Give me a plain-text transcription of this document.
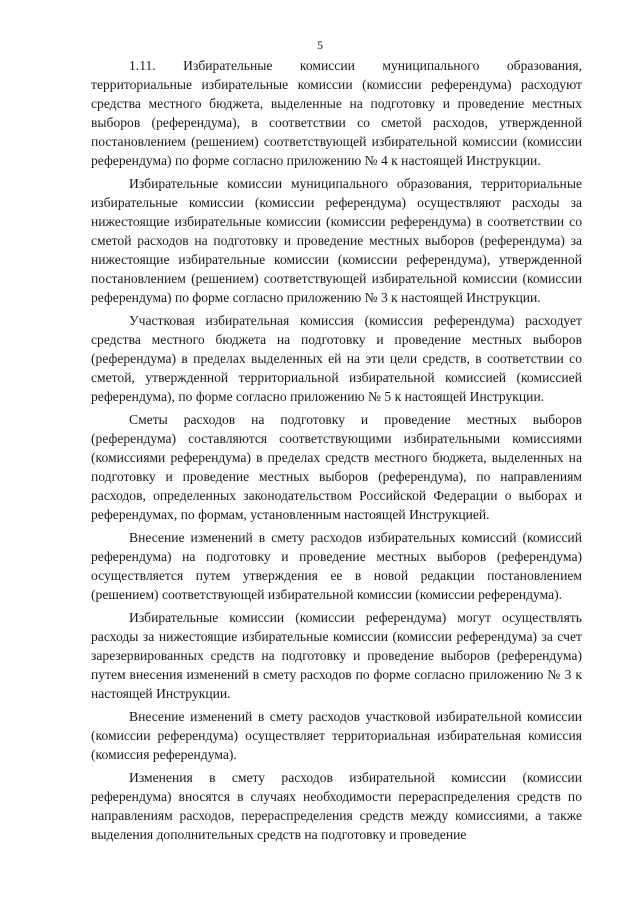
5

1.11. Избирательные комиссии муниципального образования, территориальные избирательные комиссии (комиссии референдума) расходуют средства местного бюджета, выделенные на подготовку и проведение местных выборов (референдума), в соответствии со сметой расходов, утвержденной постановлением (решением) соответствующей избирательной комиссии (комиссии референдума) по форме согласно приложению № 4 к настоящей Инструкции.

Избирательные комиссии муниципального образования, территориальные избирательные комиссии (комиссии референдума) осуществляют расходы за нижестоящие избирательные комиссии (комиссии референдума) в соответствии со сметой расходов на подготовку и проведение местных выборов (референдума) за нижестоящие избирательные комиссии (комиссии референдума), утвержденной постановлением (решением) соответствующей избирательной комиссии (комиссии референдума) по форме согласно приложению № 3 к настоящей Инструкции.

Участковая избирательная комиссия (комиссия референдума) расходует средства местного бюджета на подготовку и проведение местных выборов (референдума) в пределах выделенных ей на эти цели средств, в соответствии со сметой, утвержденной территориальной избирательной комиссией (комиссией референдума), по форме согласно приложению № 5 к настоящей Инструкции.

Сметы расходов на подготовку и проведение местных выборов (референдума) составляются соответствующими избирательными комиссиями (комиссиями референдума) в пределах средств местного бюджета, выделенных на подготовку и проведение местных выборов (референдума), по направлениям расходов, определенных законодательством Российской Федерации о выборах и референдумах, по формам, установленным настоящей Инструкцией.

Внесение изменений в смету расходов избирательных комиссий (комиссий референдума) на подготовку и проведение местных выборов (референдума) осуществляется путем утверждения ее в новой редакции постановлением (решением) соответствующей избирательной комиссии (комиссии референдума).

Избирательные комиссии (комиссии референдума) могут осуществлять расходы за нижестоящие избирательные комиссии (комиссии референдума) за счет зарезервированных средств на подготовку и проведение выборов (референдума) путем внесения изменений в смету расходов по форме согласно приложению № 3 к настоящей Инструкции.

Внесение изменений в смету расходов участковой избирательной комиссии (комиссии референдума) осуществляет территориальная избирательная комиссия (комиссия референдума).

Изменения в смету расходов избирательной комиссии (комиссии референдума) вносятся в случаях необходимости перераспределения средств по направлениям расходов, перераспределения средств между комиссиями, а также выделения дополнительных средств на подготовку и проведение
